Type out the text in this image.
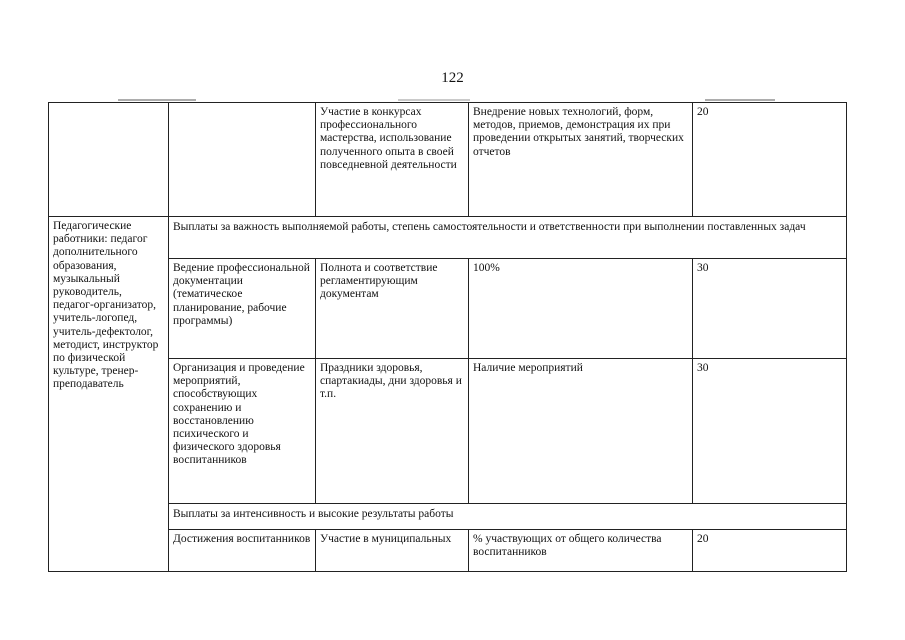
122
		Участие в конкурсах профессионального мастерства, использование полученного опыта в своей повседневной деятельности	Внедрение новых технологий, форм, методов, приемов, демонстрация их при проведении открытых занятий, творческих отчетов	20
Педагогические работники: педагог дополнительного образования, музыкальный руководитель, педагог-организатор, учитель-логопед, учитель-дефектолог, методист, инструктор по физической культуре, тренер-преподаватель	Выплаты за важность выполняемой работы, степень самостоятельности и ответственности при выполнении поставленных задач			
	Ведение профессиональной документации (тематическое планирование, рабочие программы)	Полнота и соответствие регламентирующим документам	100%	30
	Организация и проведение мероприятий, способствующих сохранению и восстановлению психического и физического здоровья воспитанников	Праздники здоровья, спартакиады, дни здоровья и т.п.	Наличие мероприятий	30
	Выплаты за интенсивность и высокие результаты работы			
	Достижения воспитанников	Участие в муниципальных	% участвующих от общего количества воспитанников	20
